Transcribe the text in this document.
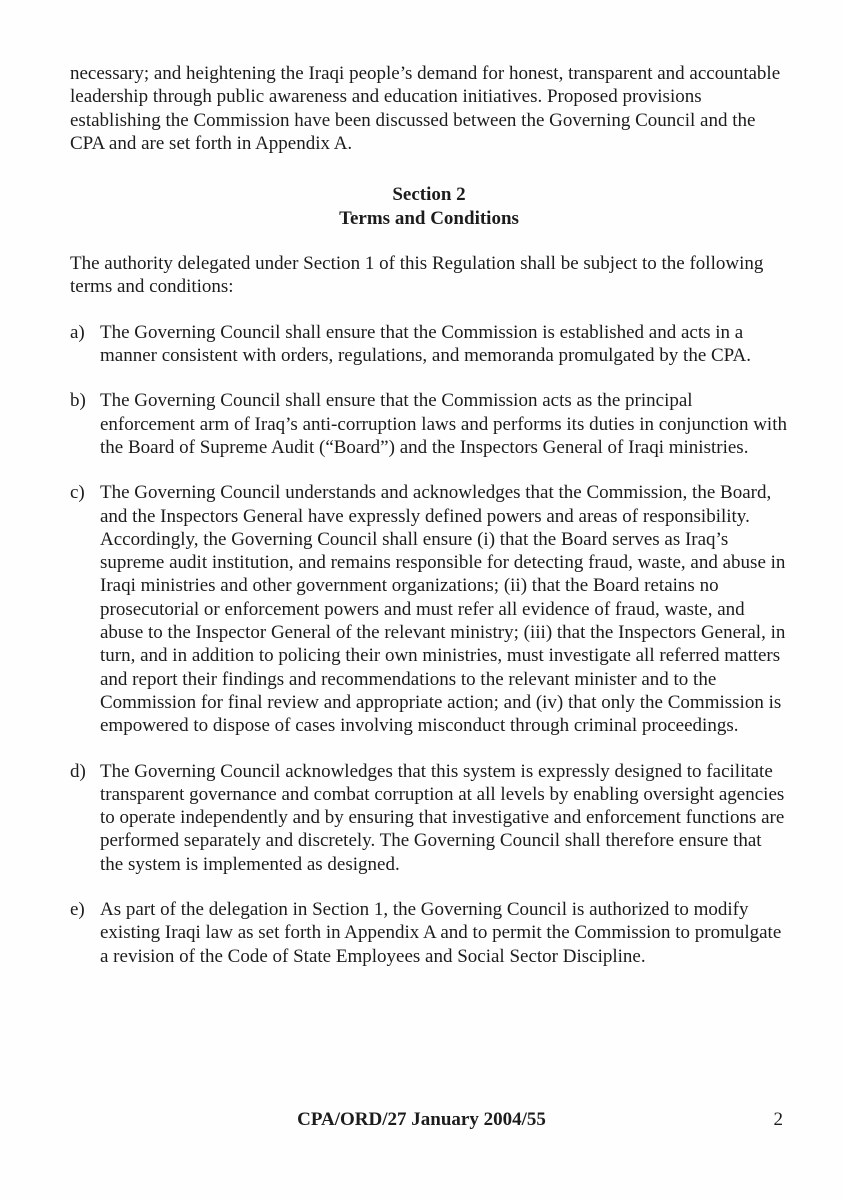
necessary; and heightening the Iraqi people’s demand for honest, transparent and accountable leadership through public awareness and education initiatives. Proposed provisions establishing the Commission have been discussed between the Governing Council and the CPA and are set forth in Appendix A.

Section 2
Terms and Conditions

The authority delegated under Section 1 of this Regulation shall be subject to the following terms and conditions:

a) The Governing Council shall ensure that the Commission is established and acts in a manner consistent with orders, regulations, and memoranda promulgated by the CPA.
b) The Governing Council shall ensure that the Commission acts as the principal enforcement arm of Iraq’s anti-corruption laws and performs its duties in conjunction with the Board of Supreme Audit (“Board”) and the Inspectors General of Iraqi ministries.
c) The Governing Council understands and acknowledges that the Commission, the Board, and the Inspectors General have expressly defined powers and areas of responsibility. Accordingly, the Governing Council shall ensure (i) that the Board serves as Iraq’s supreme audit institution, and remains responsible for detecting fraud, waste, and abuse in Iraqi ministries and other government organizations; (ii) that the Board retains no prosecutorial or enforcement powers and must refer all evidence of fraud, waste, and abuse to the Inspector General of the relevant ministry; (iii) that the Inspectors General, in turn, and in addition to policing their own ministries, must investigate all referred matters and report their findings and recommendations to the relevant minister and to the Commission for final review and appropriate action; and (iv) that only the Commission is empowered to dispose of cases involving misconduct through criminal proceedings.
d) The Governing Council acknowledges that this system is expressly designed to facilitate transparent governance and combat corruption at all levels by enabling oversight agencies to operate independently and by ensuring that investigative and enforcement functions are performed separately and discretely. The Governing Council shall therefore ensure that the system is implemented as designed.
e) As part of the delegation in Section 1, the Governing Council is authorized to modify existing Iraqi law as set forth in Appendix A and to permit the Commission to promulgate a revision of the Code of State Employees and Social Sector Discipline.
CPA/ORD/27 January 2004/55	2
